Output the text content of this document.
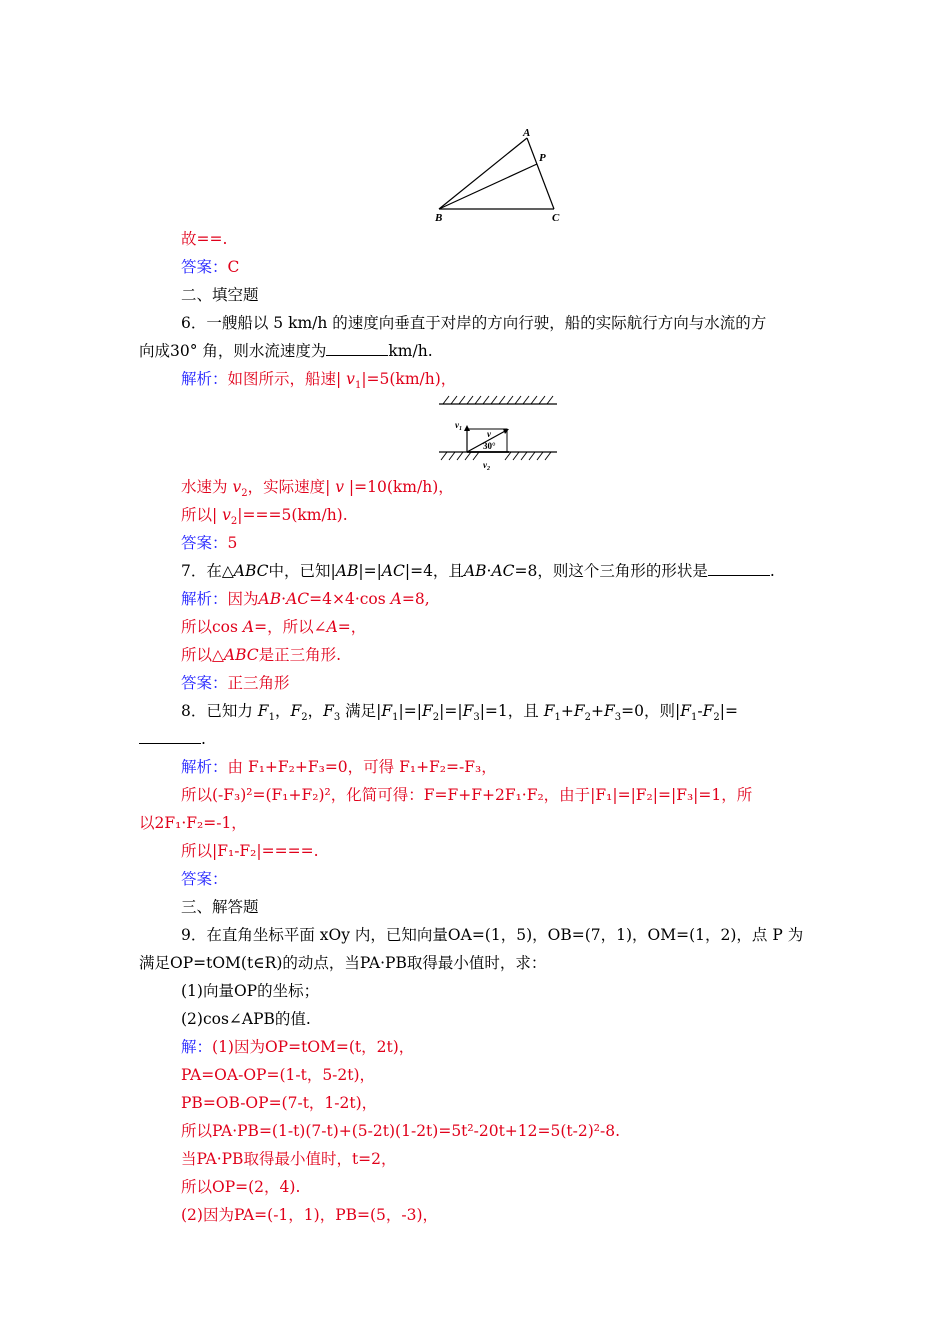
A
P
B	C
故==.
答案：C
二、填空题
6．一艘船以 5 km/h 的速度向垂直于对岸的方向行驶，船的实际航行方向与水流的方
向成30° 角，则水流速度为	km/h.
解析：如图所示，船速| $v_1|=5(km/h)$，
$v_1$	v
30°
$v_2$
水速为 $v_2$，实际速度| v |=10(km/h)，
所以| $v_2|===5(km/h)$.
答案：5
7．在△ABC中，已知|AB|=|AC|=4，且AB·AC=8，则这个三角形的形状是	.
解析：因为AB·AC=4×4·cos A=8,
所以cos A=，所以∠A=，
所以△ABC是正三角形.
答案：正三角形
8．已知力 $F_1$，$F_2$，$F_3$ 满足$|F_1|=|F_2|=|F_3|=1$，且 $F_1+F_2+F_3=0$，则$|F_1-F_2|=$
.
解析：由 F₁+F₂+F₃=0，可得 F₁+F₂=-F₃，
所以(-F₃)²=(F₁+F₂)²，化简可得：F=F+F+2F₁·F₂，由于|F₁|=|F₂|=|F₃|=1，所
以2F₁·F₂=-1，
所以|F₁-F₂|====.
答案：
三、解答题
9．在直角坐标平面 xOy 内，已知向量OA=(1，5)，OB=(7，1)，OM=(1，2)，点 P 为
满足OP=tOM(t∈R)的动点，当PA·PB取得最小值时，求：
(1)向量OP的坐标；
(2)cos∠APB的值.
解：(1)因为OP=tOM=(t，2t)，
PA=OA-OP=(1-t，5-2t)，
PB=OB-OP=(7-t，1-2t)，
所以PA·PB=(1-t)(7-t)+(5-2t)(1-2t)=5t²-20t+12=5(t-2)²-8.
当PA·PB取得最小值时，t=2，
所以OP=(2，4).
(2)因为PA=(-1，1)，PB=(5，-3)，
